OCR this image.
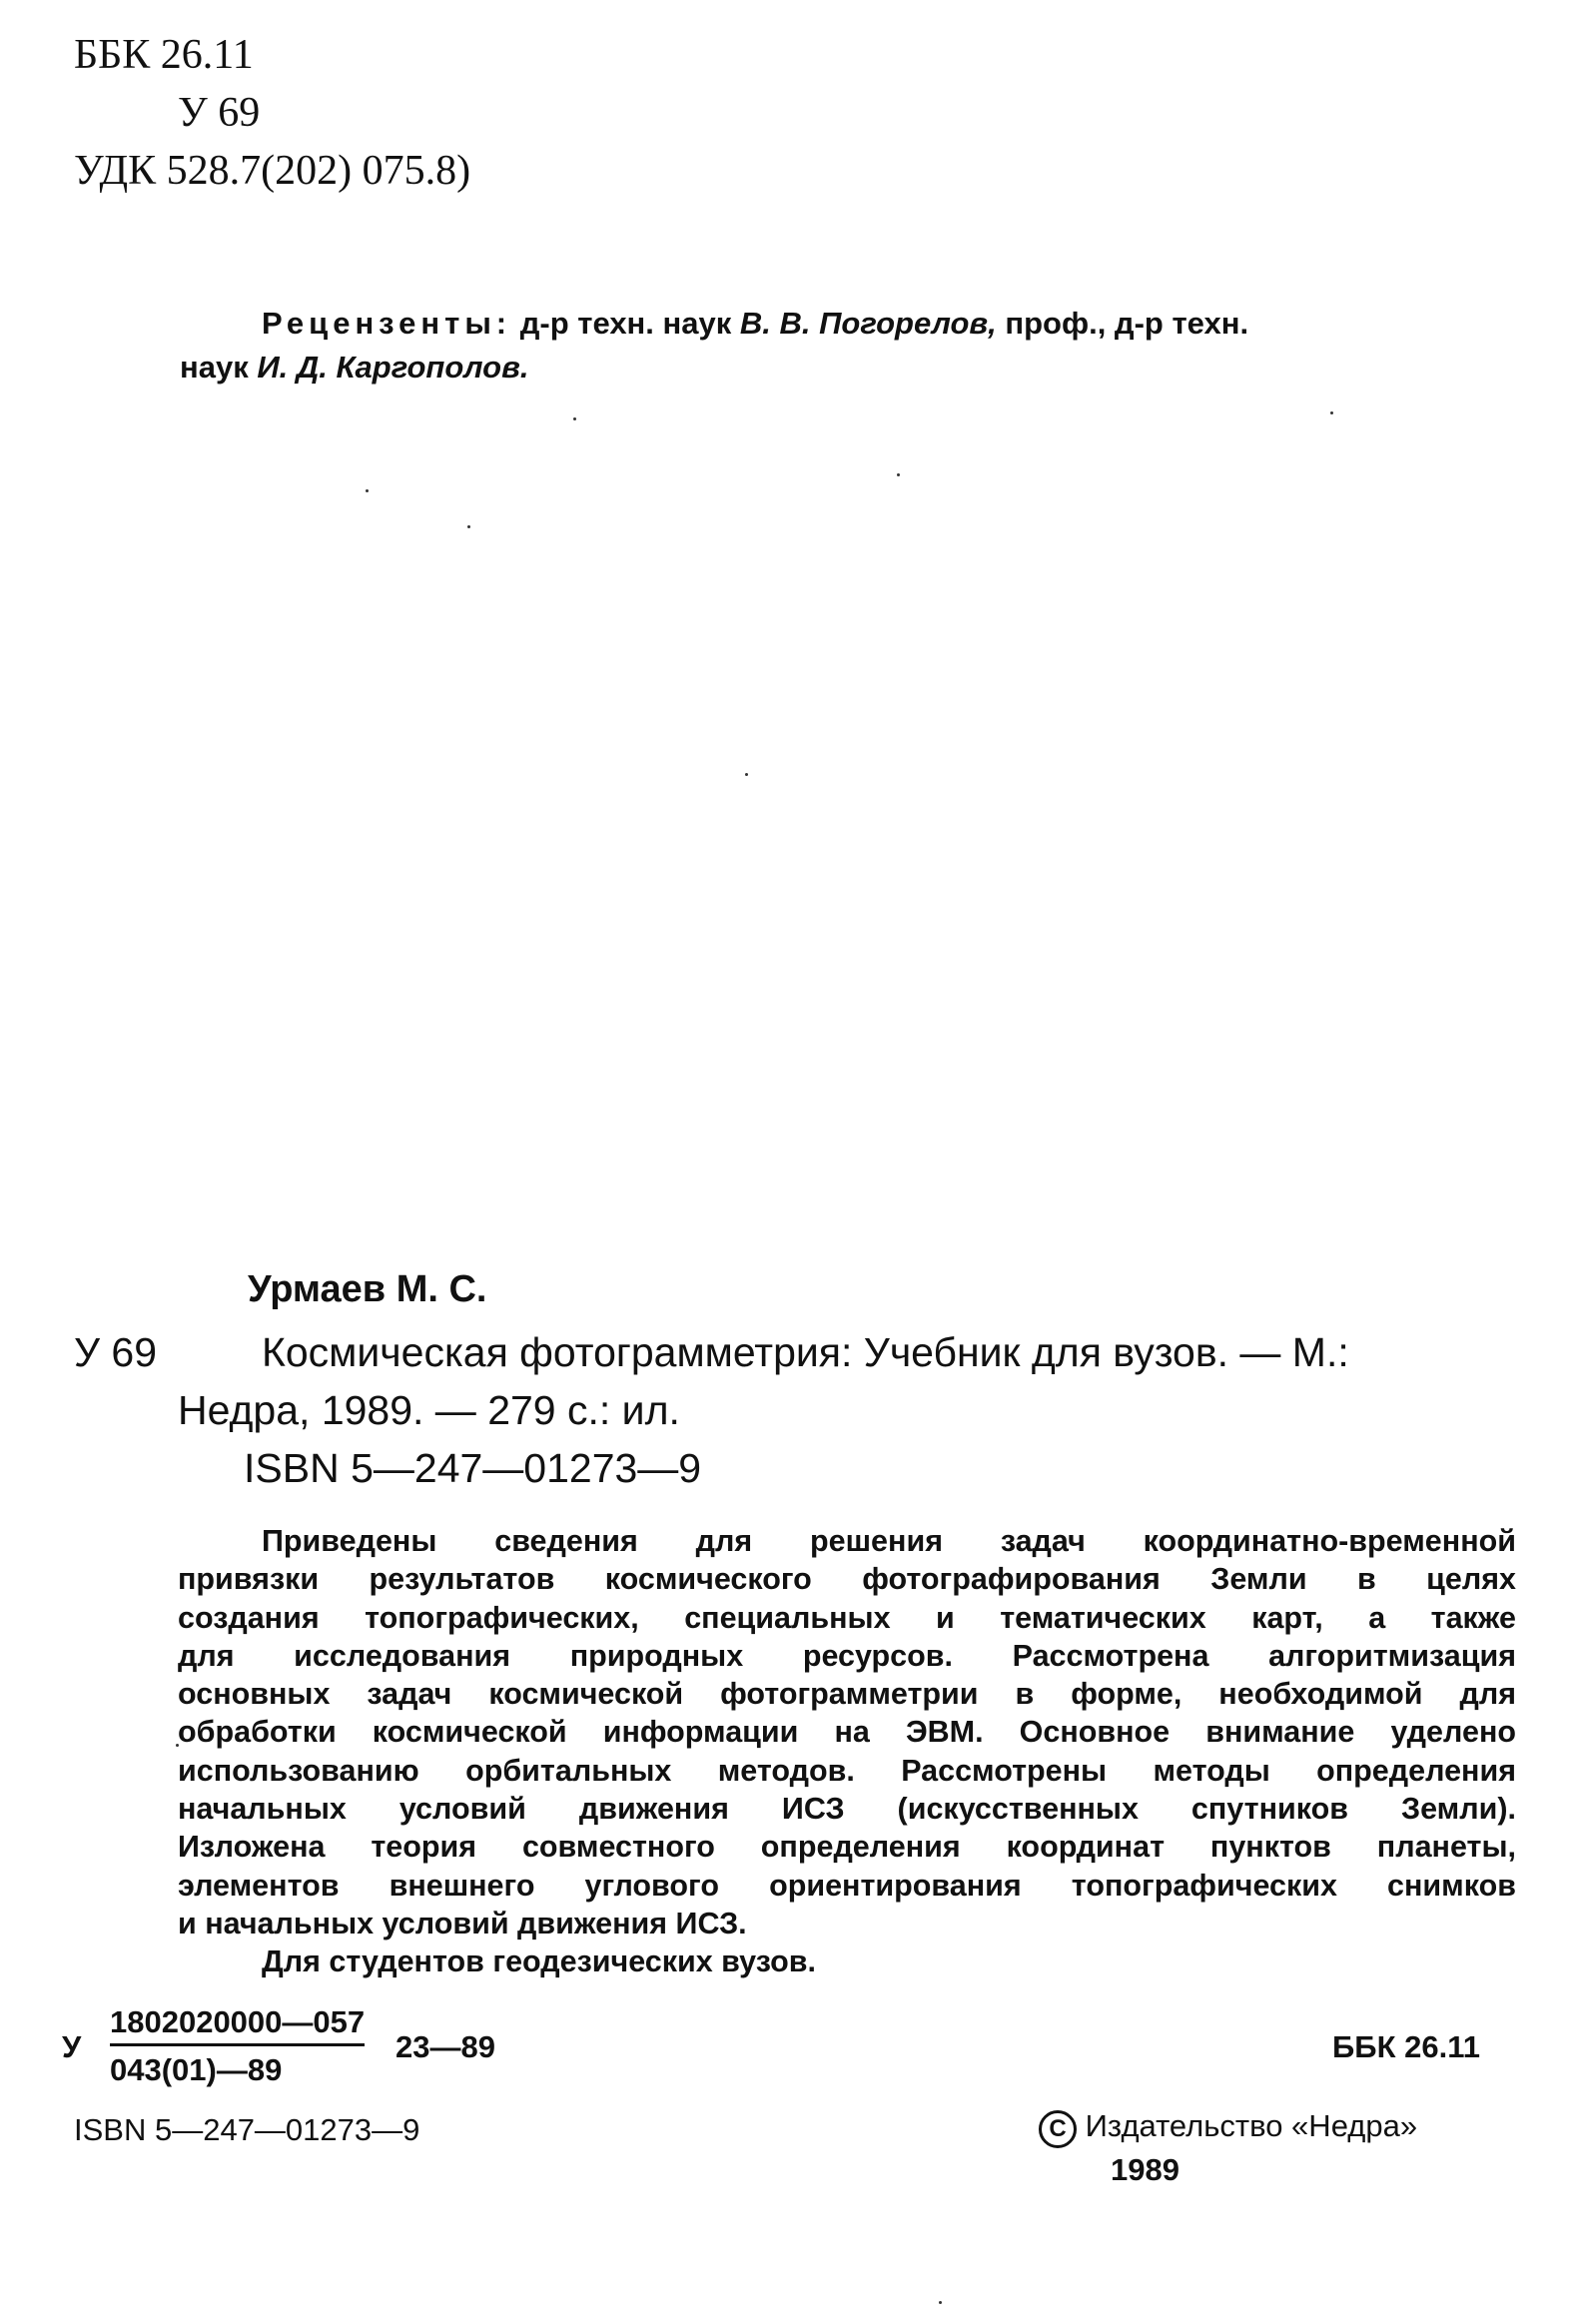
ББК 26.11
У 69
УДК 528.7(202) 075.8)
Рецензенты: д-р техн. наук В. В. Погорелов, проф., д-р техн.
наук И. Д. Каргополов.
Урмаев М. С.
У 69	Космическая фотограмметрия: Учебник для вузов. — М.:
Недра, 1989. — 279 с.: ил.
ISBN 5—247—01273—9
Приведены сведения для решения задач координатно-временной
привязки результатов космического фотографирования Земли в целях
создания топографических, специальных и тематических карт, а также
для исследования природных ресурсов. Рассмотрена алгоритмизация
основных задач космической фотограмметрии в форме, необходимой для
обработки космической информации на ЭВМ. Основное внимание уделено
использованию орбитальных методов. Рассмотрены методы определения
начальных условий движения ИСЗ (искусственных спутников Земли).
Изложена теория совместного определения координат пунктов планеты,
элементов внешнего углового ориентирования топографических снимков
и начальных условий движения ИСЗ.
Для студентов геодезических вузов.
У
1802020000—057
043(01)—89
23—89	ББК 26.11
ISBN 5—247—01273—9	C Издательство «Недра»
1989
